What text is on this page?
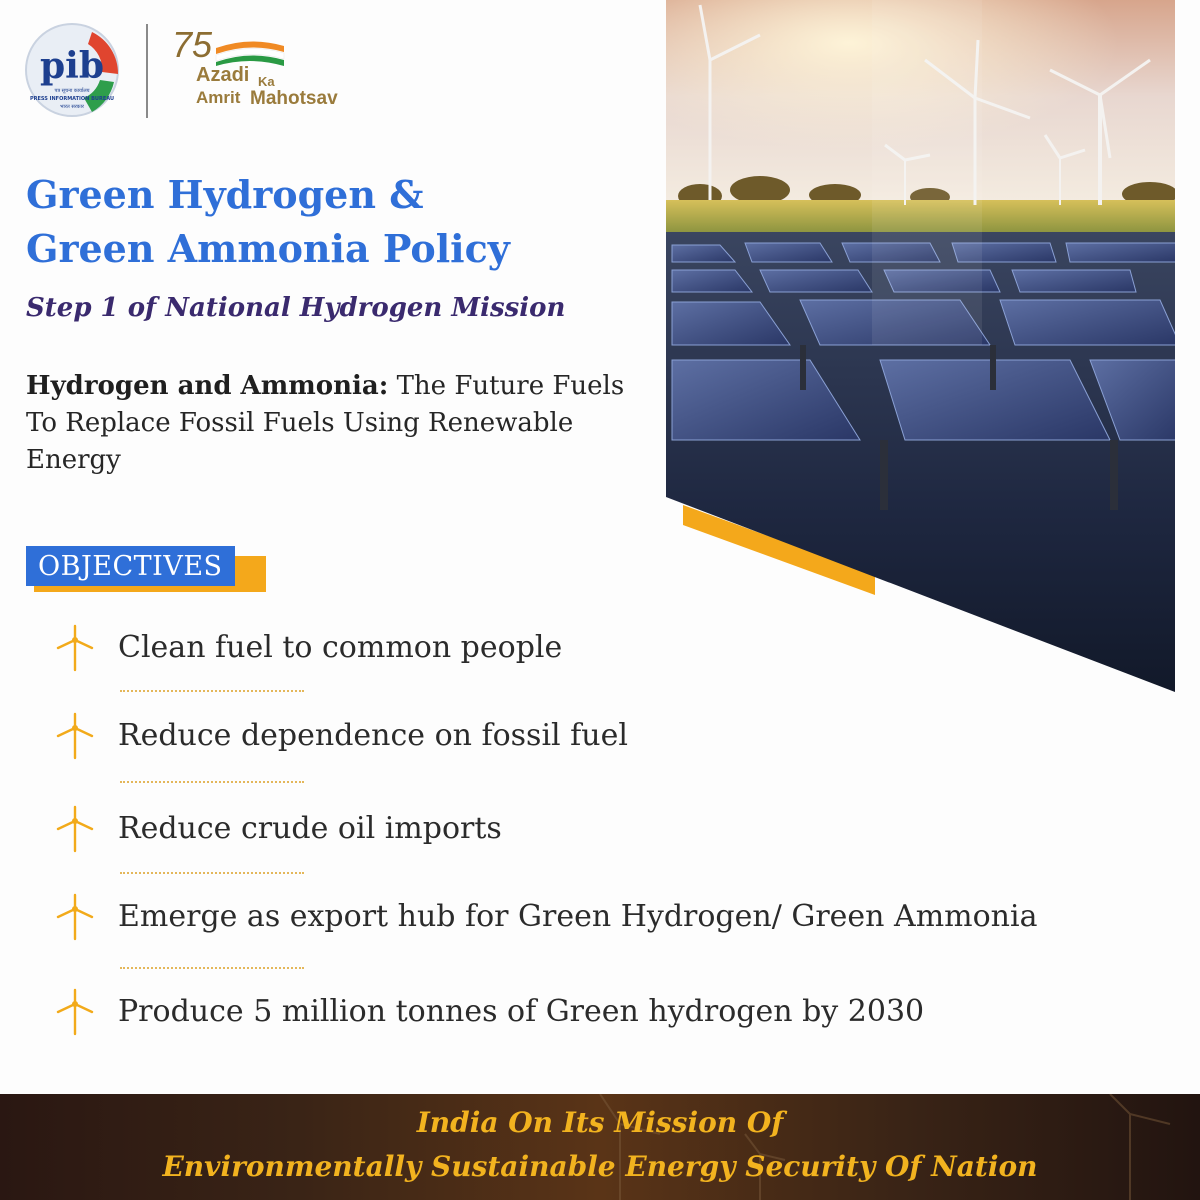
pib
पत्र सूचना कार्यालय
PRESS INFORMATION BUREAU
भारत सरकार
75
Azadi Ka
Amrit Mahotsav
Green Hydrogen &
Green Ammonia Policy

Step 1 of National Hydrogen Mission

Hydrogen and Ammonia: The Future Fuels To Replace Fossil Fuels Using Renewable Energy

OBJECTIVES
Clean fuel to common people
Reduce dependence on fossil fuel
Reduce crude oil imports
Emerge as export hub for Green Hydrogen/ Green Ammonia
Produce 5 million tonnes of Green hydrogen by 2030
India On Its Mission Of
Environmentally Sustainable Energy Security Of Nation
